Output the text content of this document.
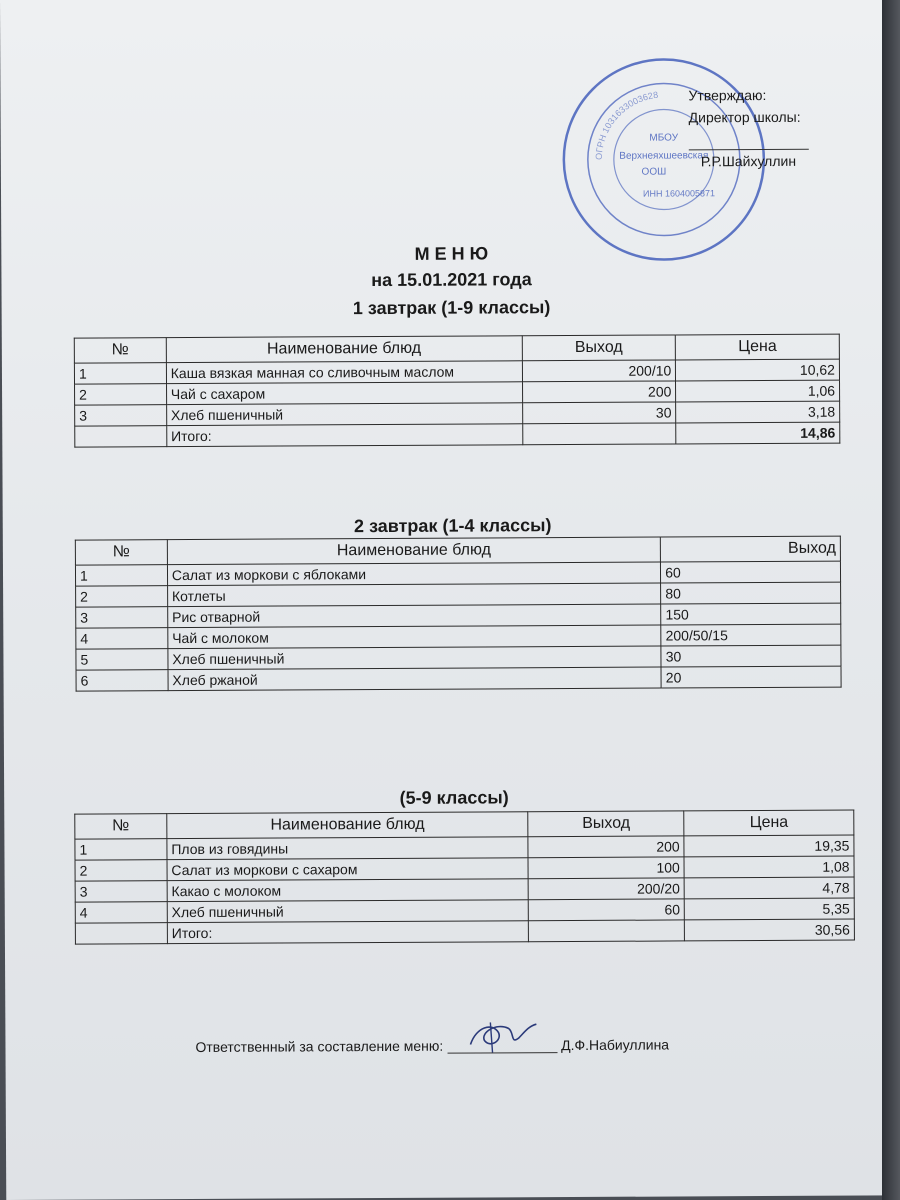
ОГРН 1031633003628
МБОУ
Верхнеяхшеевская
ООШ
ИНН 1604005871
Утверждаю:
Директор школы:
Р.Р.Шайхуллин
М Е Н Ю
на 15.01.2021 года
1 завтрак (1-9 классы)
№	Наименование блюд	Выход	Цена
1	Каша вязкая манная со сливочным маслом	200/10	10,62
2	Чай с сахаром	200	1,06
3	Хлеб пшеничный	30	3,18
	Итого:		14,86
2 завтрак (1-4 классы)
№	Наименование блюд	Выход
1	Салат из моркови с яблоками	60
2	Котлеты	80
3	Рис отварной	150
4	Чай с молоком	200/50/15
5	Хлеб пшеничный	30
6	Хлеб ржаной	20
(5-9 классы)
№	Наименование блюд	Выход	Цена
1	Плов из говядины	200	19,35
2	Салат из моркови с сахаром	100	1,08
3	Какао с молоком	200/20	4,78
4	Хлеб пшеничный	60	5,35
	Итого:		30,56
Ответственный за составление меню:	Д.Ф.Набиуллина
